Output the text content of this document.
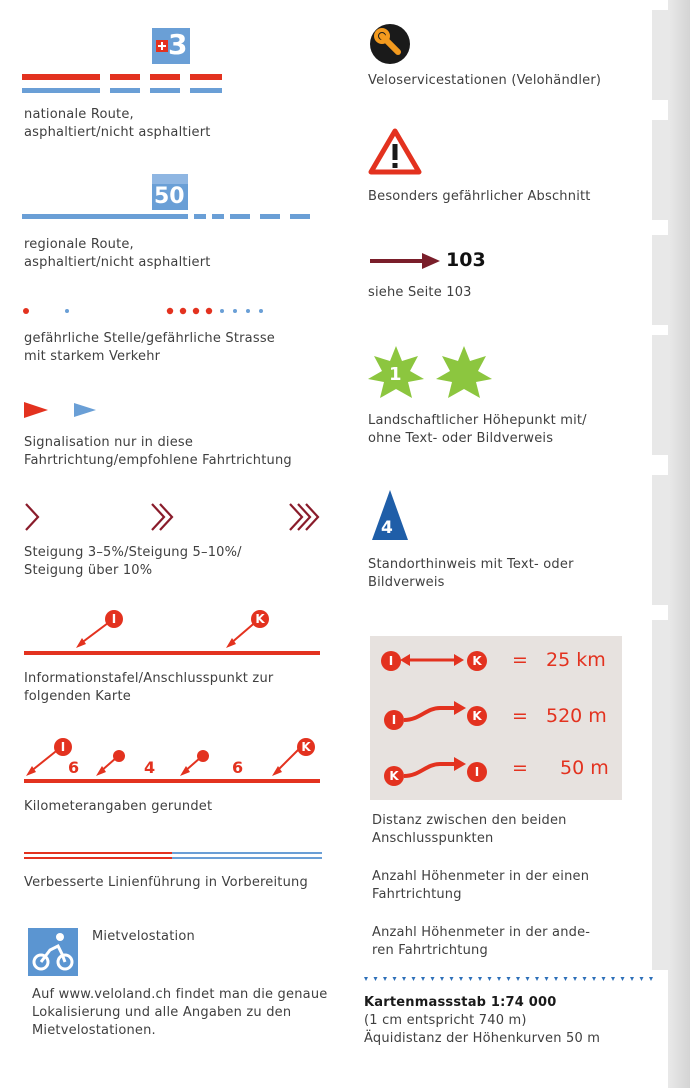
3
nationale Route,
asphaltiert/nicht asphaltiert
50
regionale Route,
asphaltiert/nicht asphaltiert
gefährliche Stelle/gefährliche Strasse
mit starkem Verkehr
Signalisation nur in diese
Fahrtrichtung/empfohlene Fahrtrichtung
Steigung 3–5%/Steigung 5–10%/
Steigung über 10%
I	K
Informationstafel/Anschlusspunkt zur
folgenden Karte
I	K
6	4	6
Kilometerangaben gerundet
Verbesserte Linienführung in Vorbereitung
Mietvelostation
Auf www.veloland.ch findet man die genaue
Lokalisierung und alle Angaben zu den
Mietvelostationen.
Veloservicestationen (Velohändler)
Besonders gefährlicher Abschnitt
103
siehe Seite 103
1
Landschaftlicher Höhepunkt mit/
ohne Text- oder Bildverweis
4
Standorthinweis mit Text- oder
Bildverweis
I	K = 25 km
I	K = 520 m
K	I	= 50 m
Distanz zwischen den beiden
Anschlusspunkten
Anzahl Höhenmeter in der einen
Fahrtrichtung
Anzahl Höhenmeter in der ande-
ren Fahrtrichtung
Kartenmassstab 1:74 000
(1 cm entspricht 740 m)
Äquidistanz der Höhenkurven 50 m
